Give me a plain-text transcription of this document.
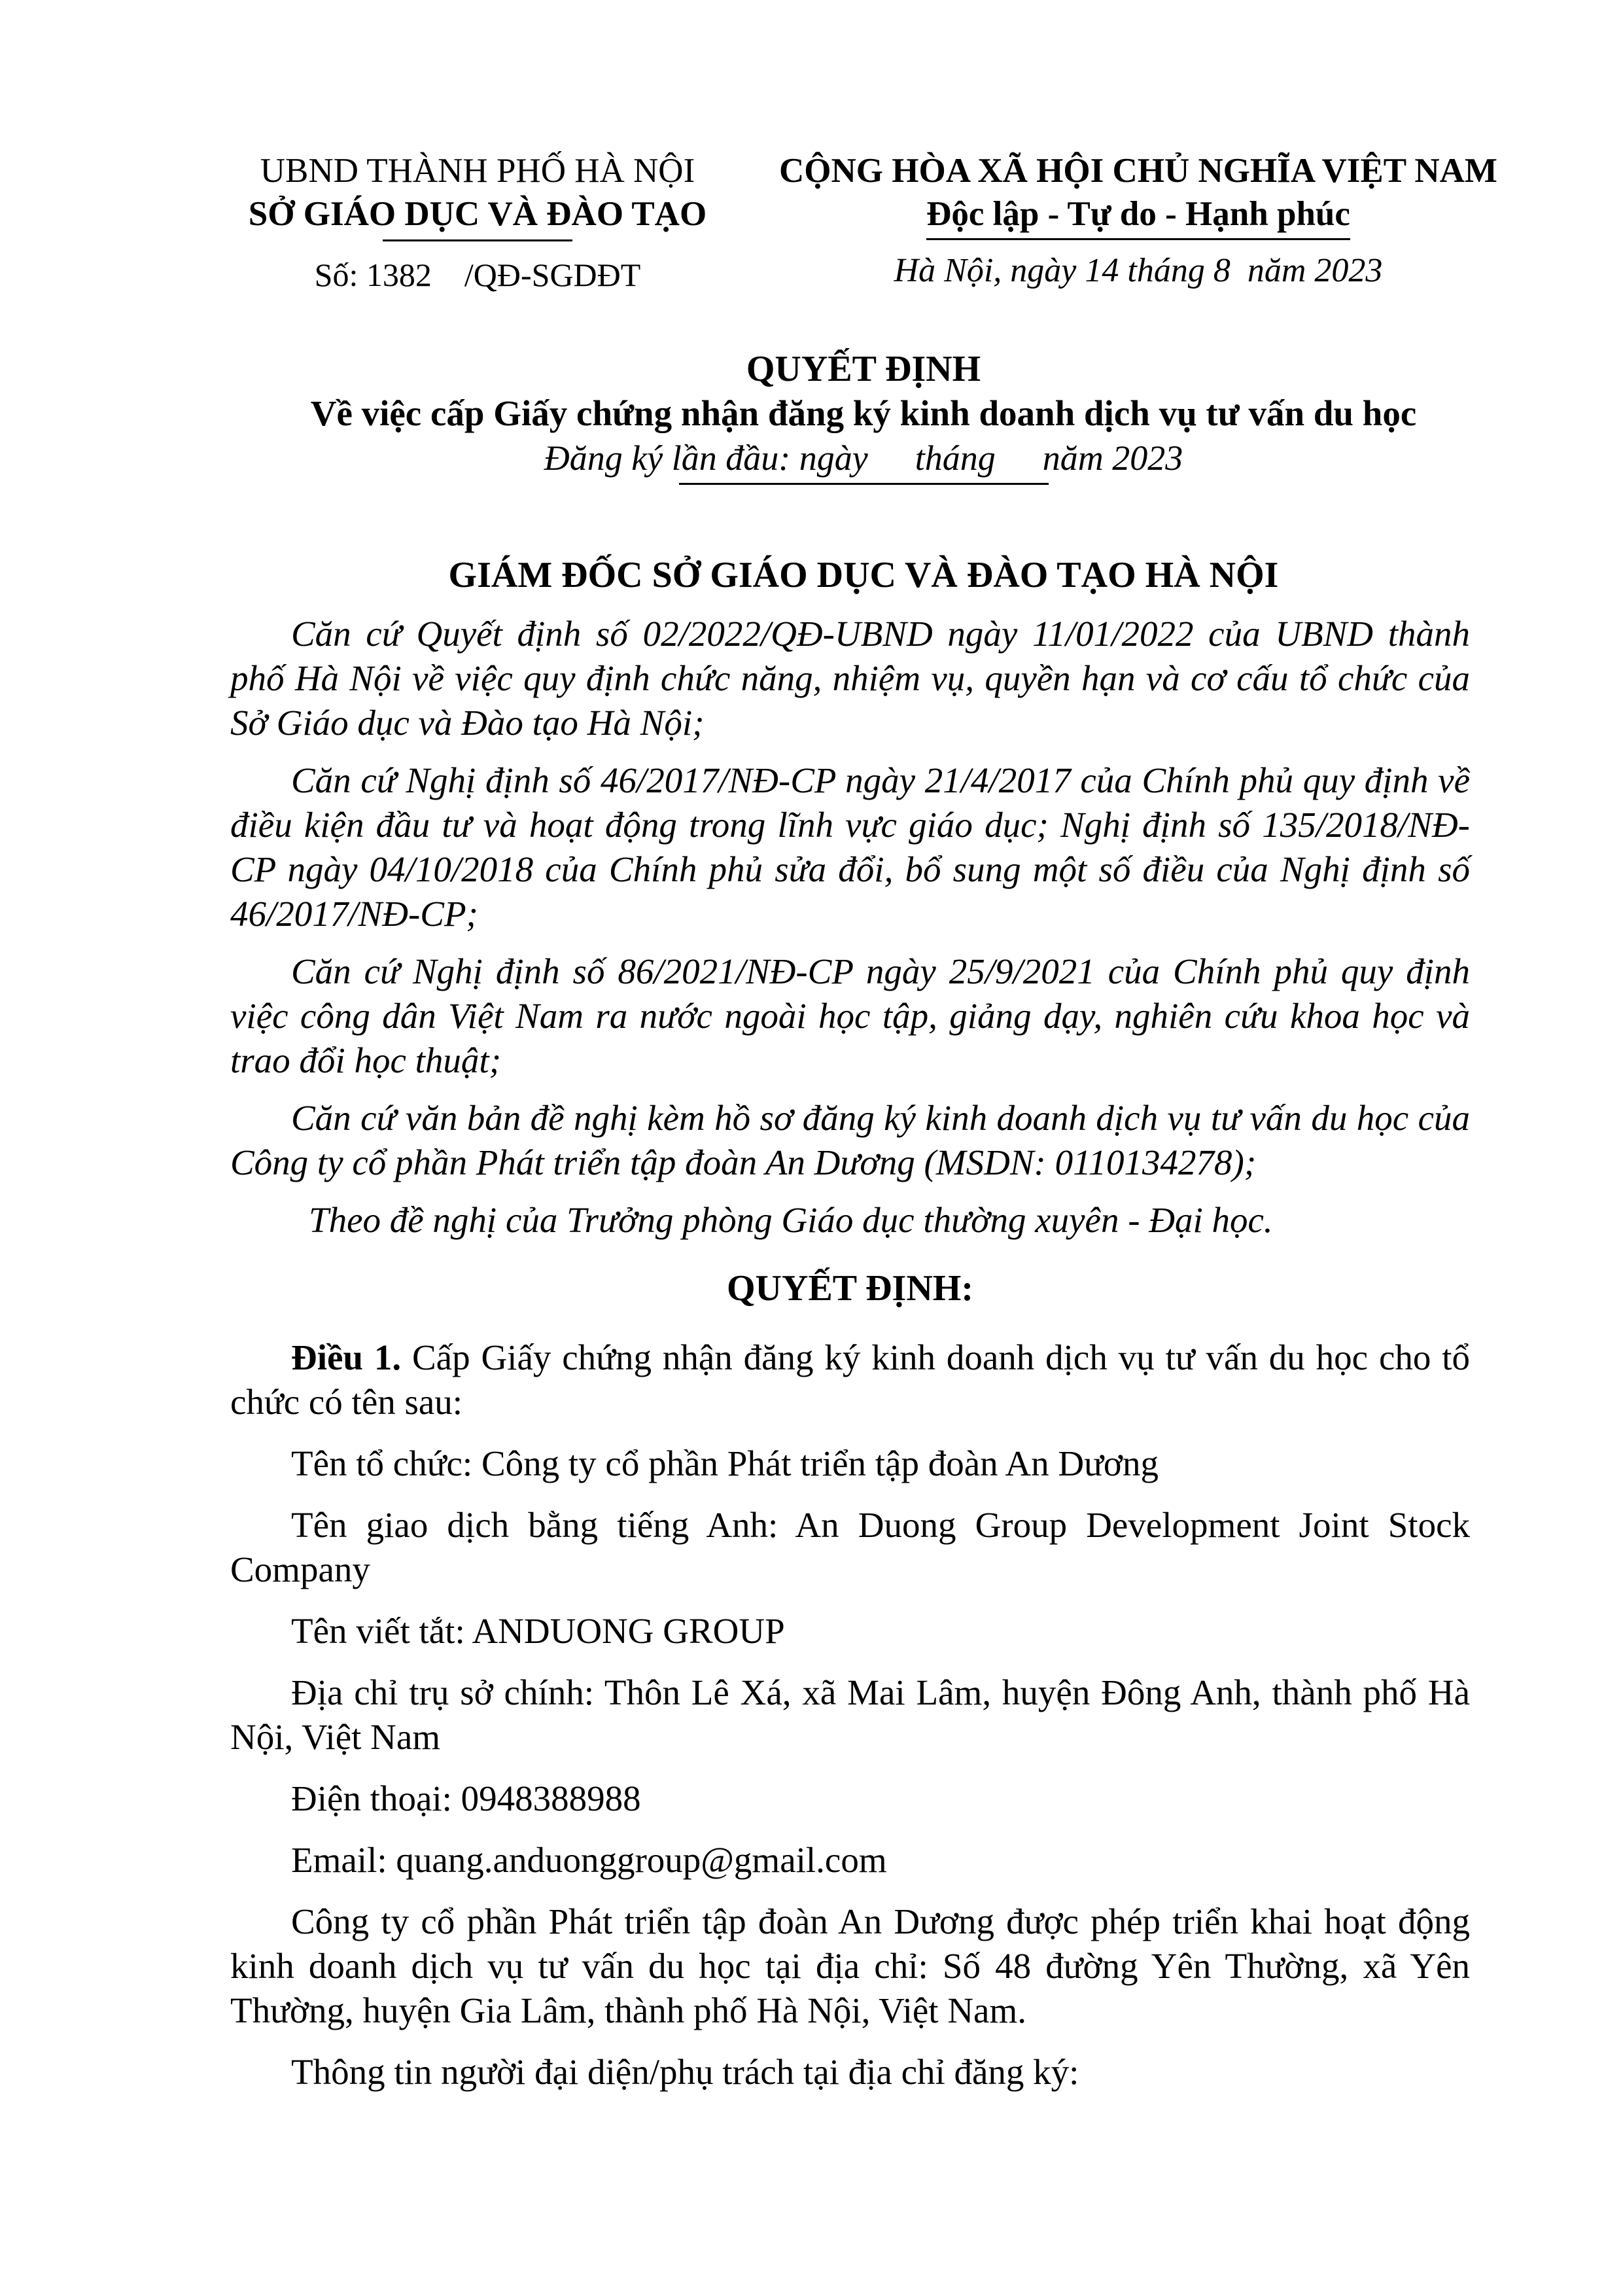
UBND THÀNH PHỐ HÀ NỘI
SỞ GIÁO DỤC VÀ ĐÀO TẠO
Số: 1382    /QĐ-SGDĐT
CỘNG HÒA XÃ HỘI CHỦ NGHĨA VIỆT NAM
Độc lập - Tự do - Hạnh phúc
Hà Nội, ngày 14 tháng 8  năm 2023
QUYẾT ĐỊNH
Về việc cấp Giấy chứng nhận đăng ký kinh doanh dịch vụ tư vấn du học
Đăng ký lần đầu: ngày tháng năm 2023
GIÁM ĐỐC SỞ GIÁO DỤC VÀ ĐÀO TẠO HÀ NỘI

Căn cứ Quyết định số 02/2022/QĐ-UBND ngày 11/01/2022 của UBND thành phố Hà Nội về việc quy định chức năng, nhiệm vụ, quyền hạn và cơ cấu tổ chức của Sở Giáo dục và Đào tạo Hà Nội;

Căn cứ Nghị định số 46/2017/NĐ-CP ngày 21/4/2017 của Chính phủ quy định về điều kiện đầu tư và hoạt động trong lĩnh vực giáo dục; Nghị định số 135/2018/NĐ-CP ngày 04/10/2018 của Chính phủ sửa đổi, bổ sung một số điều của Nghị định số 46/2017/NĐ-CP;

Căn cứ Nghị định số 86/2021/NĐ-CP ngày 25/9/2021 của Chính phủ quy định việc công dân Việt Nam ra nước ngoài học tập, giảng dạy, nghiên cứu khoa học và trao đổi học thuật;

Căn cứ văn bản đề nghị kèm hồ sơ đăng ký kinh doanh dịch vụ tư vấn du học của Công ty cổ phần Phát triển tập đoàn An Dương (MSDN: 0110134278);

Theo đề nghị của Trưởng phòng Giáo dục thường xuyên - Đại học.

QUYẾT ĐỊNH:

Điều 1. Cấp Giấy chứng nhận đăng ký kinh doanh dịch vụ tư vấn du học cho tổ chức có tên sau:

Tên tổ chức: Công ty cổ phần Phát triển tập đoàn An Dương

Tên giao dịch bằng tiếng Anh: An Duong Group Development Joint Stock Company

Tên viết tắt: ANDUONG GROUP

Địa chỉ trụ sở chính: Thôn Lê Xá, xã Mai Lâm, huyện Đông Anh, thành phố Hà Nội, Việt Nam

Điện thoại: 0948388988

Email: quang.anduonggroup@gmail.com

Công ty cổ phần Phát triển tập đoàn An Dương được phép triển khai hoạt động kinh doanh dịch vụ tư vấn du học tại địa chỉ: Số 48 đường Yên Thường, xã Yên Thường, huyện Gia Lâm, thành phố Hà Nội, Việt Nam.

Thông tin người đại diện/phụ trách tại địa chỉ đăng ký:
